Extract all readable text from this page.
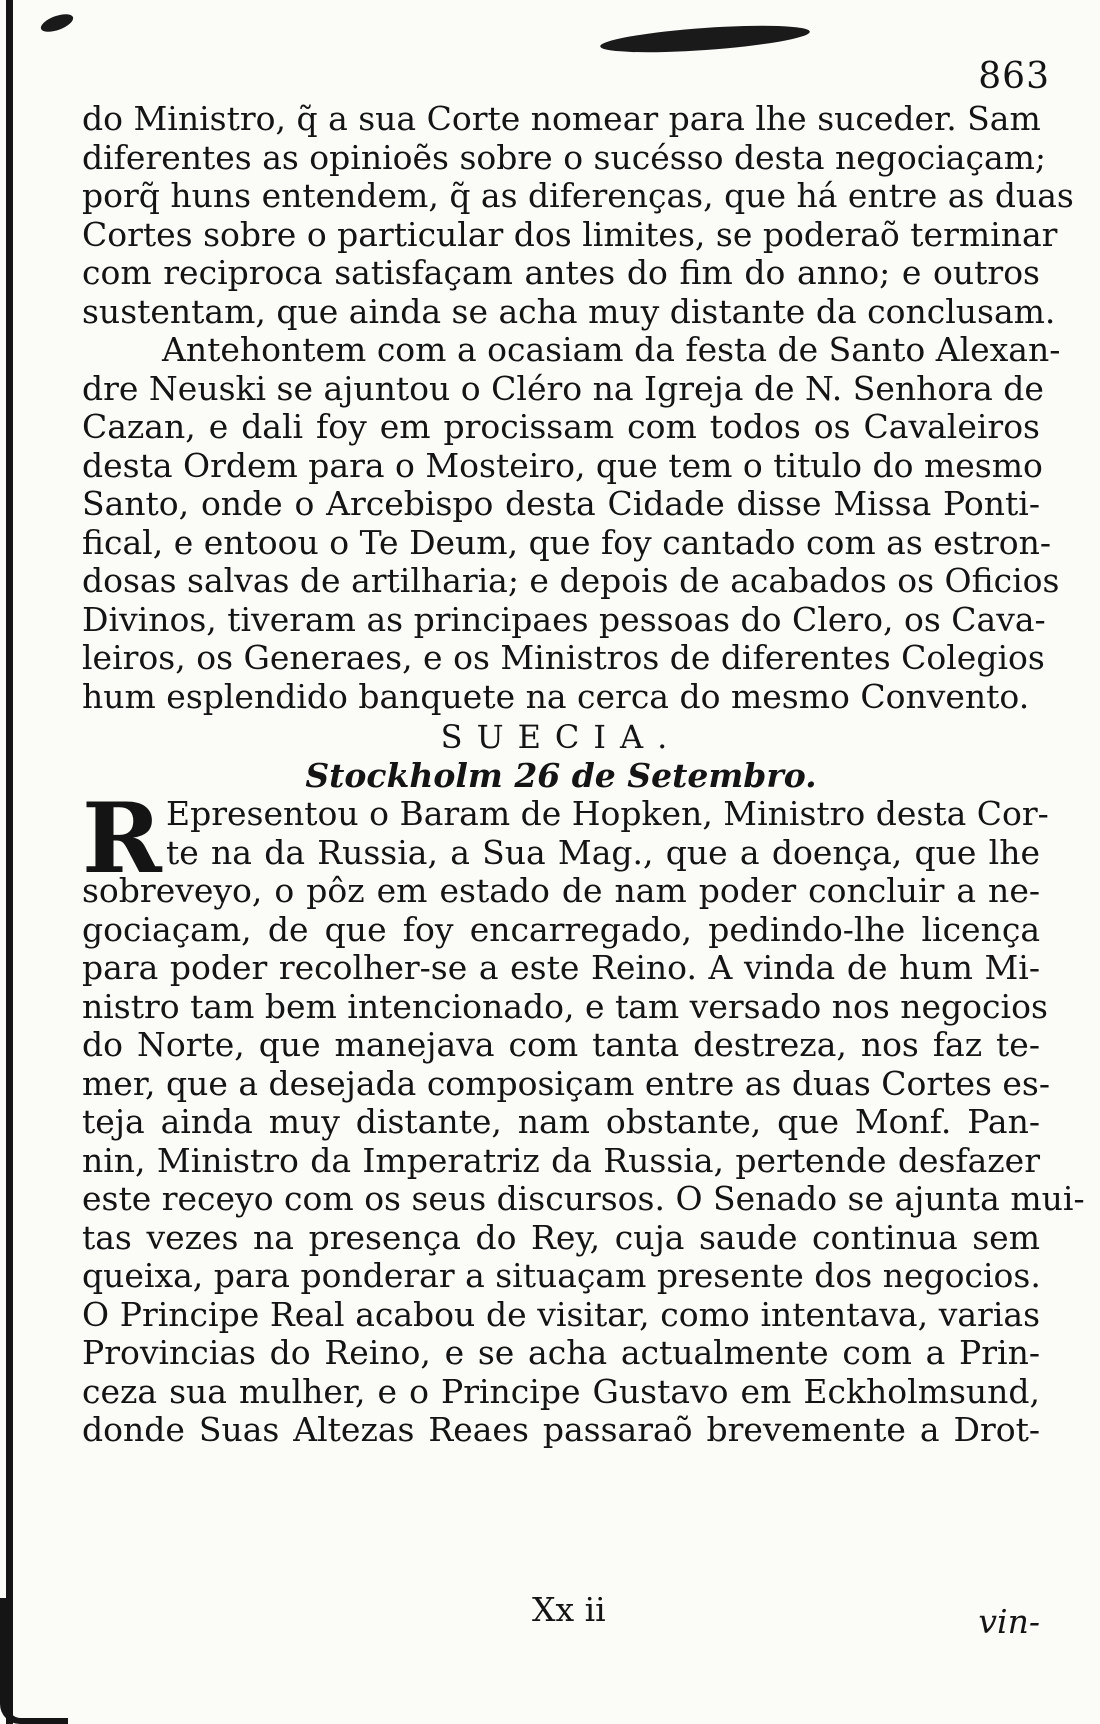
863
do Ministro, q̃ a sua Corte nomear para lhe suceder. Sam
diferentes as opinioẽs sobre o sucésso desta negociaçam;
porq̃ huns entendem, q̃ as diferenças, que há entre as duas
Cortes sobre o particular dos limites, se poderaõ terminar
com reciproca satisfaçam antes do fim do anno; e outros
sustentam, que ainda se acha muy distante da conclusam.
Antehontem com a ocasiam da festa de Santo Alexan-
dre Neuski se ajuntou o Cléro na Igreja de N. Senhora de
Cazan, e dali foy em procissam com todos os Cavaleiros
desta Ordem para o Mosteiro, que tem o titulo do mesmo
Santo, onde o Arcebispo desta Cidade disse Missa Ponti-
fical, e entoou o Te Deum, que foy cantado com as estron-
dosas salvas de artilharia; e depois de acabados os Oficios
Divinos, tiveram as principaes pessoas do Clero, os Cava-
leiros, os Generaes, e os Ministros de diferentes Colegios
hum esplendido banquete na cerca do mesmo Convento.
SUECIA.
Stockholm 26 de Setembro.
R Epresentou o Baram de Hopken, Ministro desta Cor-
te na da Russia, a Sua Mag., que a doença, que lhe
sobreveyo, o pôz em estado de nam poder concluir a ne-
gociaçam, de que foy encarregado, pedindo-lhe licença
para poder recolher-se a este Reino. A vinda de hum Mi-
nistro tam bem intencionado, e tam versado nos negocios
do Norte, que manejava com tanta destreza, nos faz te-
mer, que a desejada composiçam entre as duas Cortes es-
teja ainda muy distante, nam obstante, que Monf. Pan-
nin, Ministro da Imperatriz da Russia, pertende desfazer
este receyo com os seus discursos. O Senado se ajunta mui-
tas vezes na presença do Rey, cuja saude continua sem
queixa, para ponderar a situaçam presente dos negocios.
O Principe Real acabou de visitar, como intentava, varias
Provincias do Reino, e se acha actualmente com a Prin-
ceza sua mulher, e o Principe Gustavo em Eckholmsund,
donde Suas Altezas Reaes passaraõ brevemente a Drot-
Xx ii	vin-
